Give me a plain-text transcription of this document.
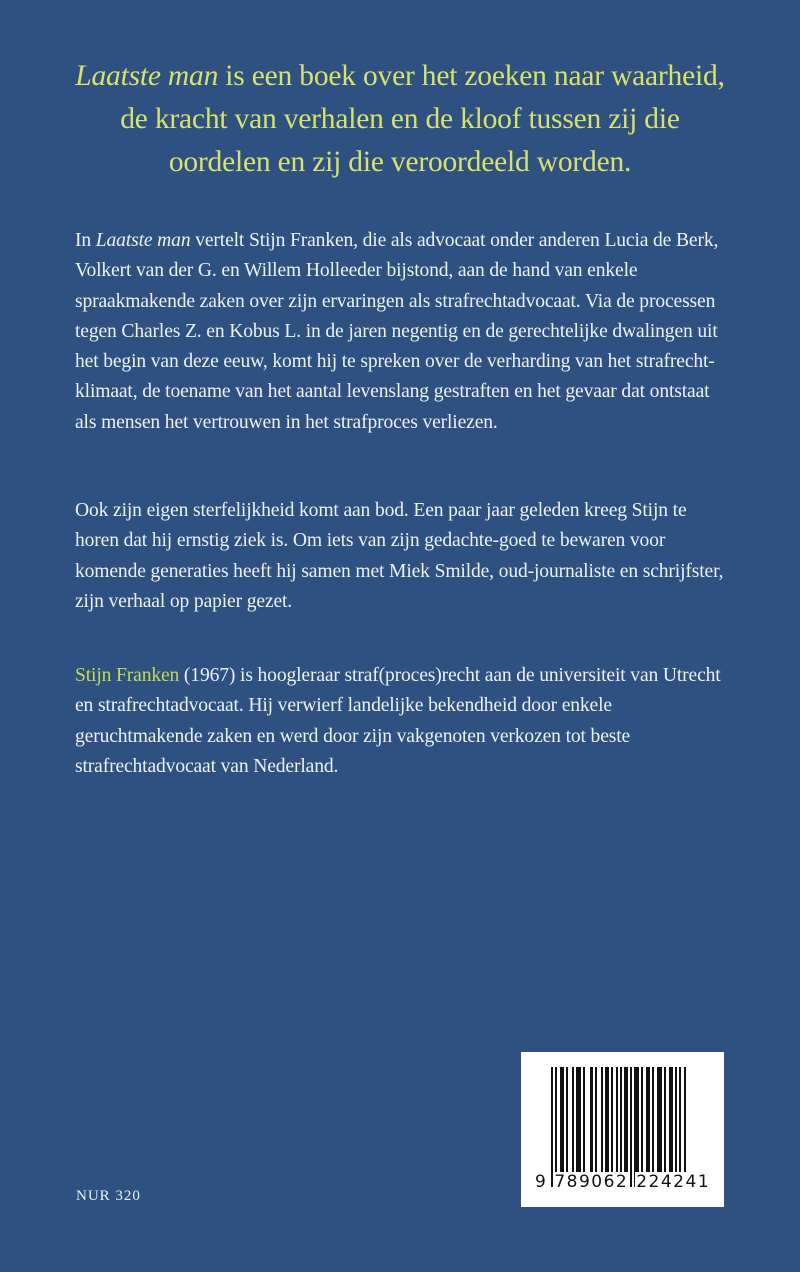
Laatste man is een boek over het zoeken naar waarheid,
de kracht van verhalen en de kloof tussen zij die
oordelen en zij die veroordeeld worden.
In Laatste man vertelt Stijn Franken, die als advocaat onder anderen Lucia de Berk, Volkert van der G. en Willem Holleeder bijstond, aan de hand van enkele spraakmakende zaken over zijn ervaringen als strafrechtadvocaat. Via de processen tegen Charles Z. en Kobus L. in de jaren negentig en de gerechtelijke dwalingen uit het begin van deze eeuw, komt hij te spreken over de verharding van het strafrecht-klimaat, de toename van het aantal levenslang gestraften en het gevaar dat ontstaat als mensen het vertrouwen in het strafproces verliezen.
Ook zijn eigen sterfelijkheid komt aan bod. Een paar jaar geleden kreeg Stijn te horen dat hij ernstig ziek is. Om iets van zijn gedachte-goed te bewaren voor komende generaties heeft hij samen met Miek Smilde, oud-journaliste en schrijfster, zijn verhaal op papier gezet.
Stijn Franken (1967) is hoogleraar straf(proces)recht aan de universiteit van Utrecht en strafrechtadvocaat. Hij verwierf landelijke bekendheid door enkele geruchtmakende zaken en werd door zijn vakgenoten verkozen tot beste strafrechtadvocaat van Nederland.
NUR 320
9 789062 224241
